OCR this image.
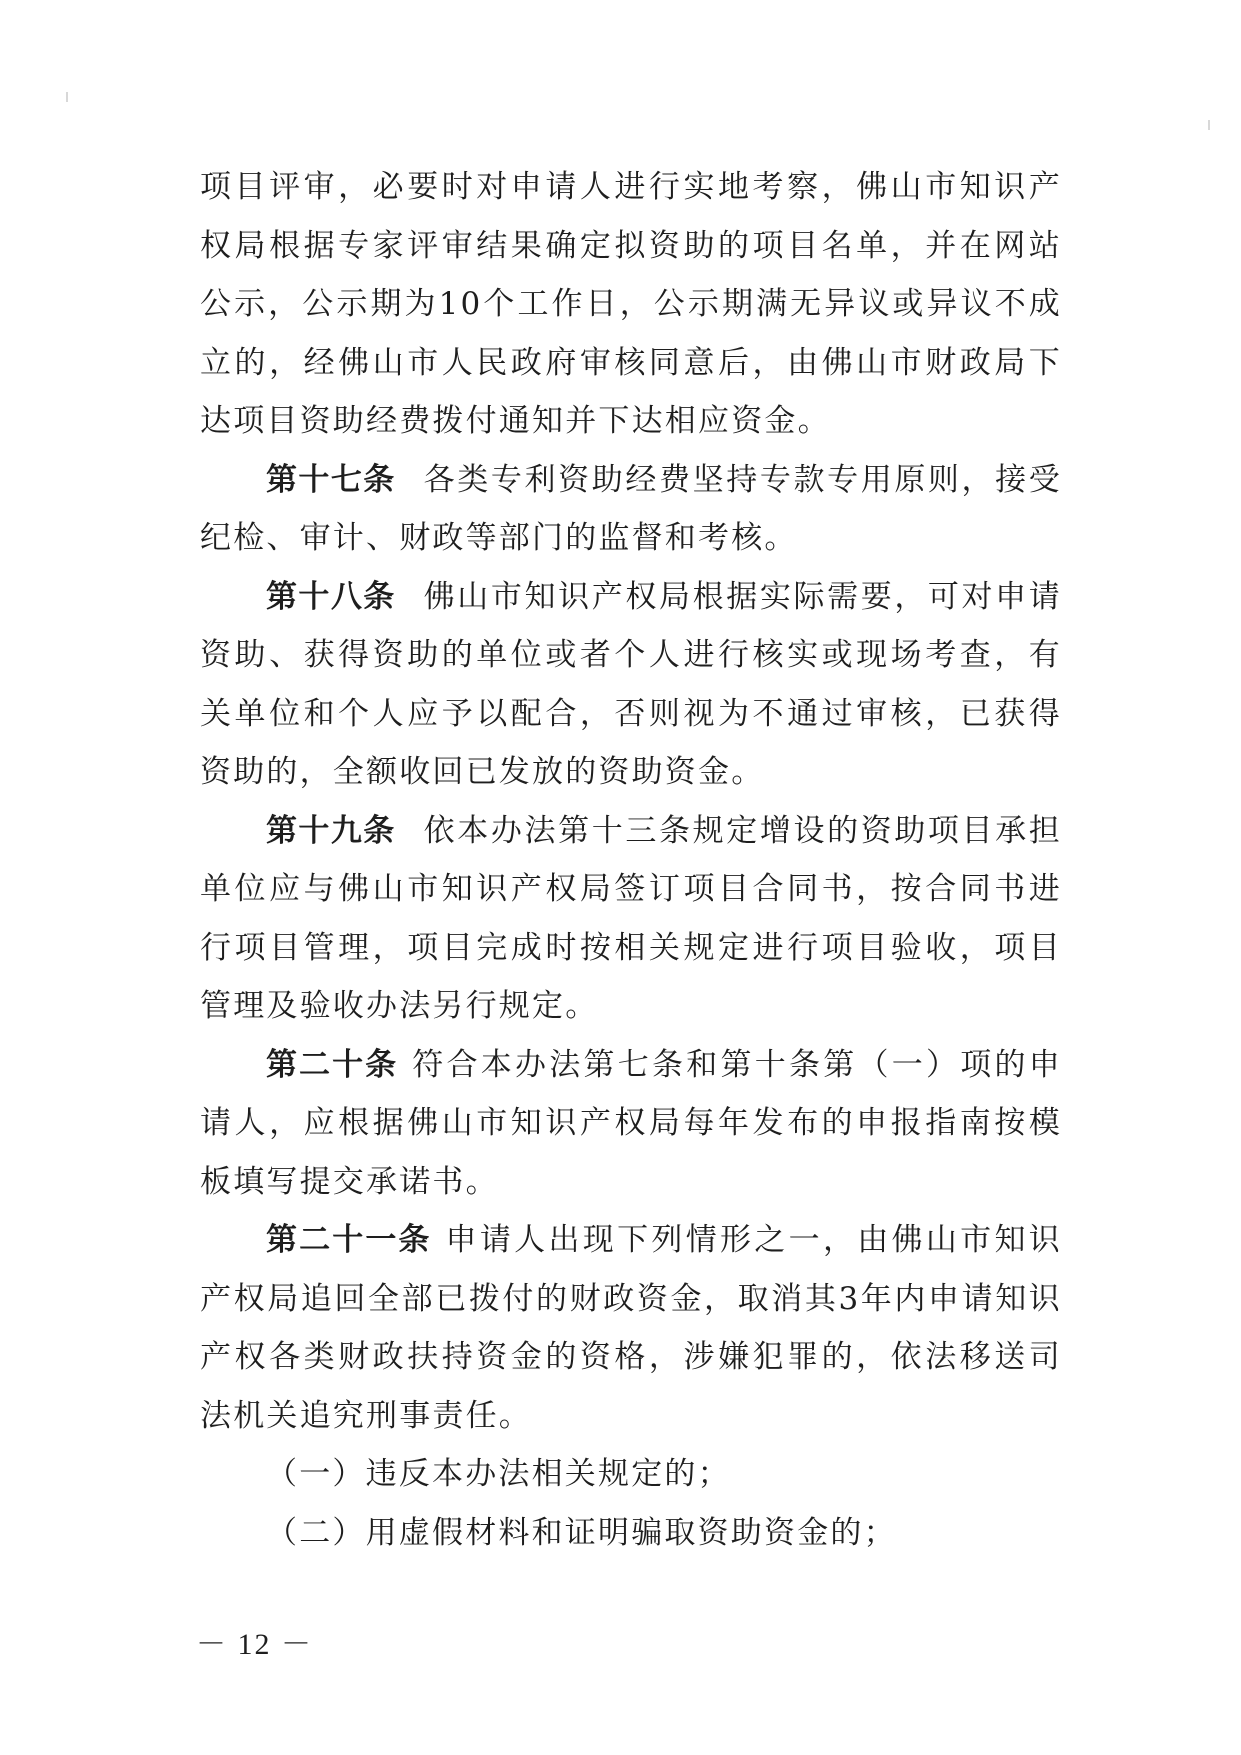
项目评审，必要时对申请人进行实地考察，佛山市知识产权局根据专家评审结果确定拟资助的项目名单，并在网站公示，公示期为10个工作日，公示期满无异议或异议不成立的，经佛山市人民政府审核同意后，由佛山市财政局下达项目资助经费拨付通知并下达相应资金。

第十七条 各类专利资助经费坚持专款专用原则，接受纪检、审计、财政等部门的监督和考核。

第十八条 佛山市知识产权局根据实际需要，可对申请资助、获得资助的单位或者个人进行核实或现场考查，有关单位和个人应予以配合，否则视为不通过审核，已获得资助的，全额收回已发放的资助资金。

第十九条 依本办法第十三条规定增设的资助项目承担单位应与佛山市知识产权局签订项目合同书，按合同书进行项目管理，项目完成时按相关规定进行项目验收，项目管理及验收办法另行规定。

第二十条 符合本办法第七条和第十条第（一）项的申请人，应根据佛山市知识产权局每年发布的申报指南按模板填写提交承诺书。

第二十一条 申请人出现下列情形之一，由佛山市知识产权局追回全部已拨付的财政资金，取消其3年内申请知识产权各类财政扶持资金的资格，涉嫌犯罪的，依法移送司法机关追究刑事责任。

（一）违反本办法相关规定的；

（二）用虚假材料和证明骗取资助资金的；

－ 12 －
